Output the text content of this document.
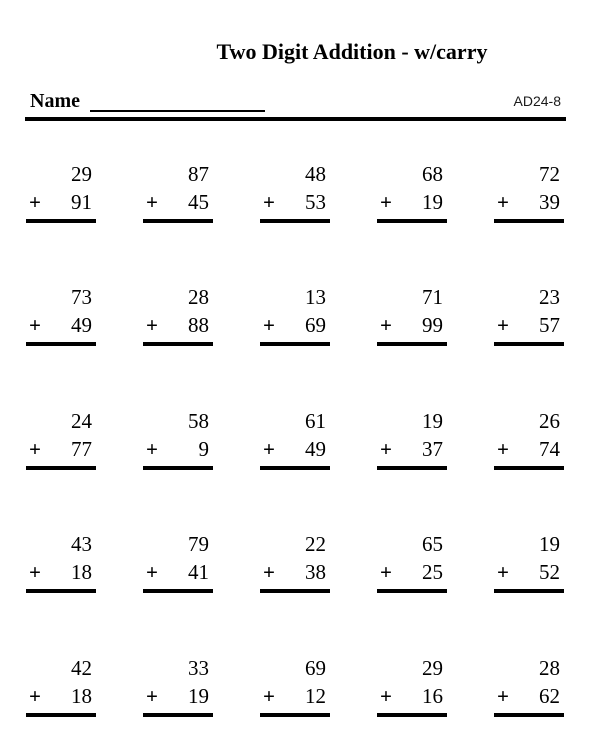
Two Digit Addition - w/carry
Name	AD24-8
29
+ 91
87
+ 45
48
+ 53
68
+ 19
72
+ 39
73
+ 49
28
+ 88
13
+ 69
71
+ 99
23
+ 57
24
+ 77
58
+ 9
61
+ 49
19
+ 37
26
+ 74
43
+ 18
79
+ 41
22
+ 38
65
+ 25
19
+ 52
42
+ 18
33
+ 19
69
+ 12
29
+ 16
28
+ 62
